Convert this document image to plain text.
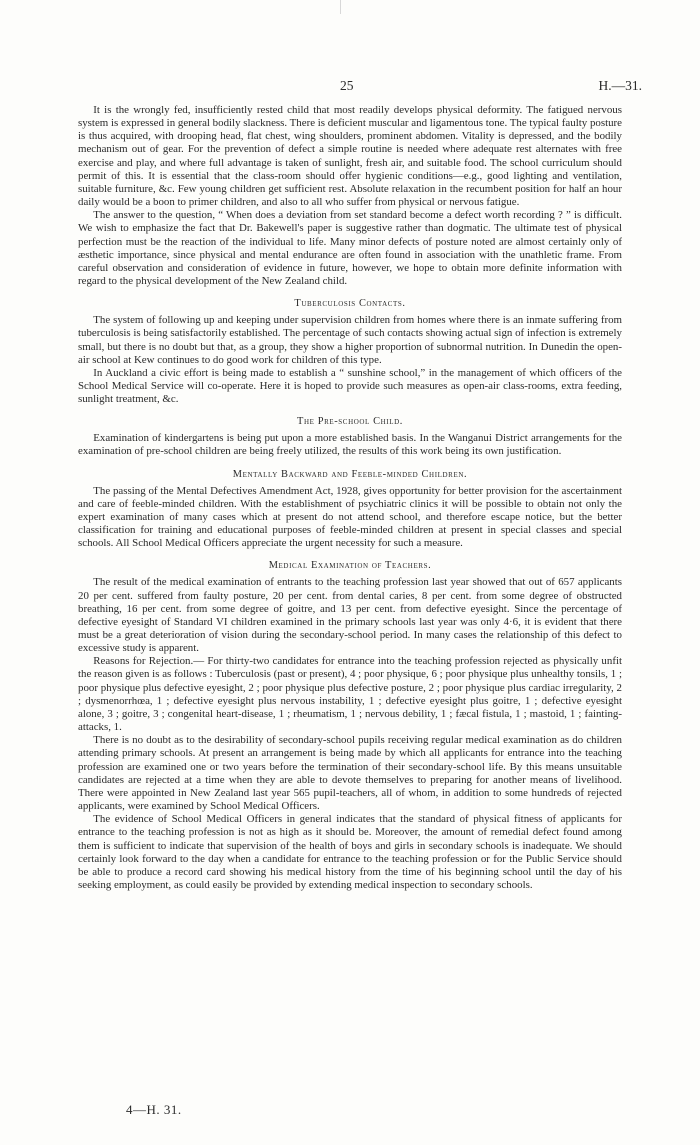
25	H.—31.

It is the wrongly fed, insufficiently rested child that most readily develops physical deformity. The fatigued nervous system is expressed in general bodily slackness. There is deficient muscular and ligamentous tone. The typical faulty posture is thus acquired, with drooping head, flat chest, wing shoulders, prominent abdomen. Vitality is depressed, and the bodily mechanism out of gear. For the prevention of defect a simple routine is needed where adequate rest alternates with free exercise and play, and where full advantage is taken of sunlight, fresh air, and suitable food. The school curriculum should permit of this. It is essential that the class-room should offer hygienic conditions—e.g., good lighting and ventilation, suitable furniture, &c. Few young children get sufficient rest. Absolute relaxation in the recumbent position for half an hour daily would be a boon to primer children, and also to all who suffer from physical or nervous fatigue.

The answer to the question, “ When does a deviation from set standard become a defect worth recording ? ” is difficult. We wish to emphasize the fact that Dr. Bakewell's paper is suggestive rather than dogmatic. The ultimate test of physical perfection must be the reaction of the individual to life. Many minor defects of posture noted are almost certainly only of æsthetic importance, since physical and mental endurance are often found in association with the unathletic frame. From careful observation and consideration of evidence in future, however, we hope to obtain more definite information with regard to the physical development of the New Zealand child.

Tuberculosis Contacts.

The system of following up and keeping under supervision children from homes where there is an inmate suffering from tuberculosis is being satisfactorily established. The percentage of such contacts showing actual sign of infection is extremely small, but there is no doubt but that, as a group, they show a higher proportion of subnormal nutrition. In Dunedin the open-air school at Kew continues to do good work for children of this type.

In Auckland a civic effort is being made to establish a “ sunshine school,” in the management of which officers of the School Medical Service will co-operate. Here it is hoped to provide such measures as open-air class-rooms, extra feeding, sunlight treatment, &c.

The Pre-school Child.

Examination of kindergartens is being put upon a more established basis. In the Wanganui District arrangements for the examination of pre-school children are being freely utilized, the results of this work being its own justification.

Mentally Backward and Feeble-minded Children.

The passing of the Mental Defectives Amendment Act, 1928, gives opportunity for better provision for the ascertainment and care of feeble-minded children. With the establishment of psychiatric clinics it will be possible to obtain not only the expert examination of many cases which at present do not attend school, and therefore escape notice, but the better classification for training and educational purposes of feeble-minded children at present in special classes and special schools. All School Medical Officers appreciate the urgent necessity for such a measure.

Medical Examination of Teachers.

The result of the medical examination of entrants to the teaching profession last year showed that out of 657 applicants 20 per cent. suffered from faulty posture, 20 per cent. from dental caries, 8 per cent. from some degree of obstructed breathing, 16 per cent. from some degree of goitre, and 13 per cent. from defective eyesight. Since the percentage of defective eyesight of Standard VI children examined in the primary schools last year was only 4·6, it is evident that there must be a great deterioration of vision during the secondary-school period. In many cases the relationship of this defect to excessive study is apparent.

Reasons for Rejection.— For thirty-two candidates for entrance into the teaching profession rejected as physically unfit the reason given is as follows : Tuberculosis (past or present), 4 ; poor physique, 6 ; poor physique plus unhealthy tonsils, 1 ; poor physique plus defective eyesight, 2 ; poor physique plus defective posture, 2 ; poor physique plus cardiac irregularity, 2 ; dysmenorrhœa, 1 ; defective eyesight plus nervous instability, 1 ; defective eyesight plus goitre, 1 ; defective eyesight alone, 3 ; goitre, 3 ; congenital heart-disease, 1 ; rheumatism, 1 ; nervous debility, 1 ; fæcal fistula, 1 ; mastoid, 1 ; fainting-attacks, 1.

There is no doubt as to the desirability of secondary-school pupils receiving regular medical examination as do children attending primary schools. At present an arrangement is being made by which all applicants for entrance into the teaching profession are examined one or two years before the termination of their secondary-school life. By this means unsuitable candidates are rejected at a time when they are able to devote themselves to preparing for another means of livelihood. There were appointed in New Zealand last year 565 pupil-teachers, all of whom, in addition to some hundreds of rejected applicants, were examined by School Medical Officers.

The evidence of School Medical Officers in general indicates that the standard of physical fitness of applicants for entrance to the teaching profession is not as high as it should be. Moreover, the amount of remedial defect found among them is sufficient to indicate that supervision of the health of boys and girls in secondary schools is inadequate. We should certainly look forward to the day when a candidate for entrance to the teaching profession or for the Public Service should be able to produce a record card showing his medical history from the time of his beginning school until the day of his seeking employment, as could easily be provided by extending medical inspection to secondary schools.

4—H. 31.
